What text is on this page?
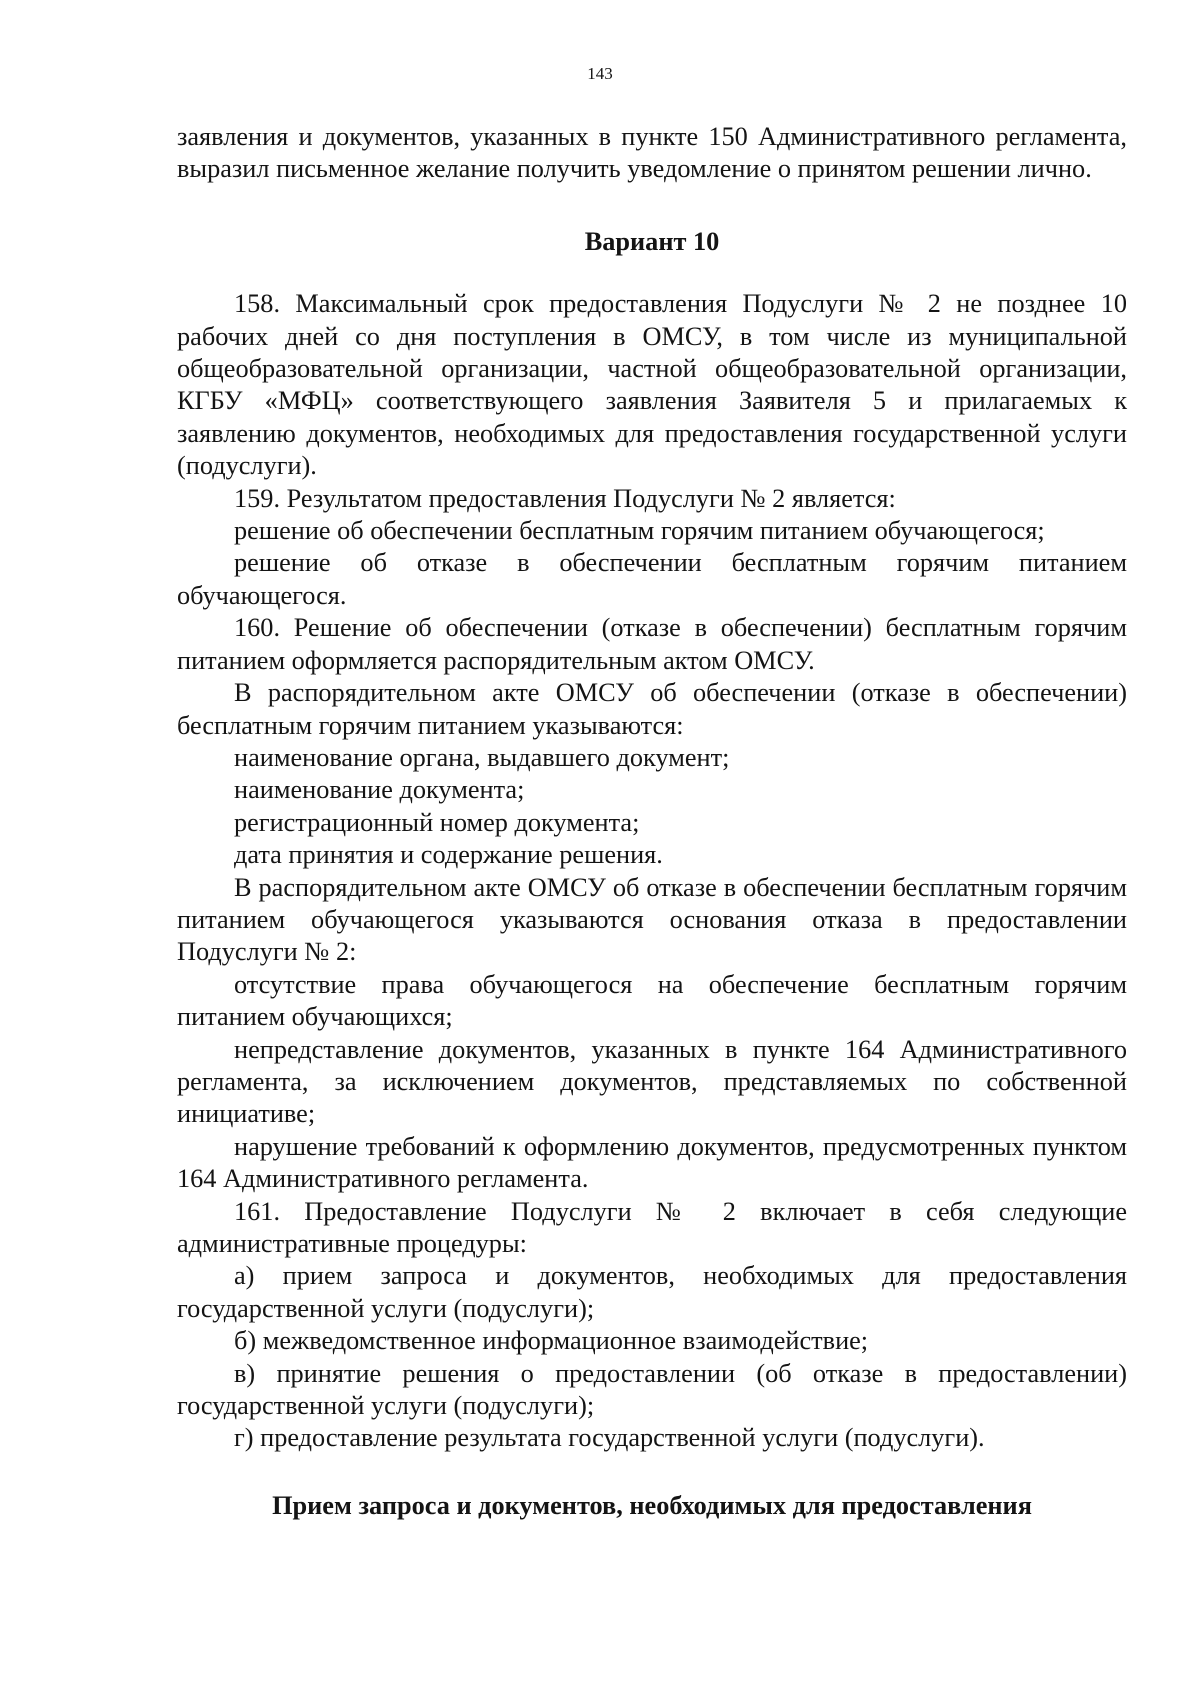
143

заявления и документов, указанных в пункте 150 Административного регламента, выразил письменное желание получить уведомление о принятом решении лично.

Вариант 10

158. Максимальный срок предоставления Подуслуги № 2 не позднее 10 рабочих дней со дня поступления в ОМСУ, в том числе из муниципальной общеобразовательной организации, частной общеобразовательной организации, КГБУ «МФЦ» соответствующего заявления Заявителя 5 и прилагаемых к заявлению документов, необходимых для предоставления государственной услуги (подуслуги).

159. Результатом предоставления Подуслуги № 2 является:

решение об обеспечении бесплатным горячим питанием обучающегося;

решение об отказе в обеспечении бесплатным горячим питанием обучающегося.

160. Решение об обеспечении (отказе в обеспечении) бесплатным горячим питанием оформляется распорядительным актом ОМСУ.

В распорядительном акте ОМСУ об обеспечении (отказе в обеспечении) бесплатным горячим питанием указываются:

наименование органа, выдавшего документ;

наименование документа;

регистрационный номер документа;

дата принятия и содержание решения.

В распорядительном акте ОМСУ об отказе в обеспечении бесплатным горячим питанием обучающегося указываются основания отказа в предоставлении Подуслуги № 2:

отсутствие права обучающегося на обеспечение бесплатным горячим питанием обучающихся;

непредставление документов, указанных в пункте 164 Административного регламента, за исключением документов, представляемых по собственной инициативе;

нарушение требований к оформлению документов, предусмотренных пунктом 164 Административного регламента.

161. Предоставление Подуслуги № 2 включает в себя следующие административные процедуры:

а) прием запроса и документов, необходимых для предоставления государственной услуги (подуслуги);

б) межведомственное информационное взаимодействие;

в) принятие решения о предоставлении (об отказе в предоставлении) государственной услуги (подуслуги);

г) предоставление результата государственной услуги (подуслуги).

Прием запроса и документов, необходимых для предоставления
